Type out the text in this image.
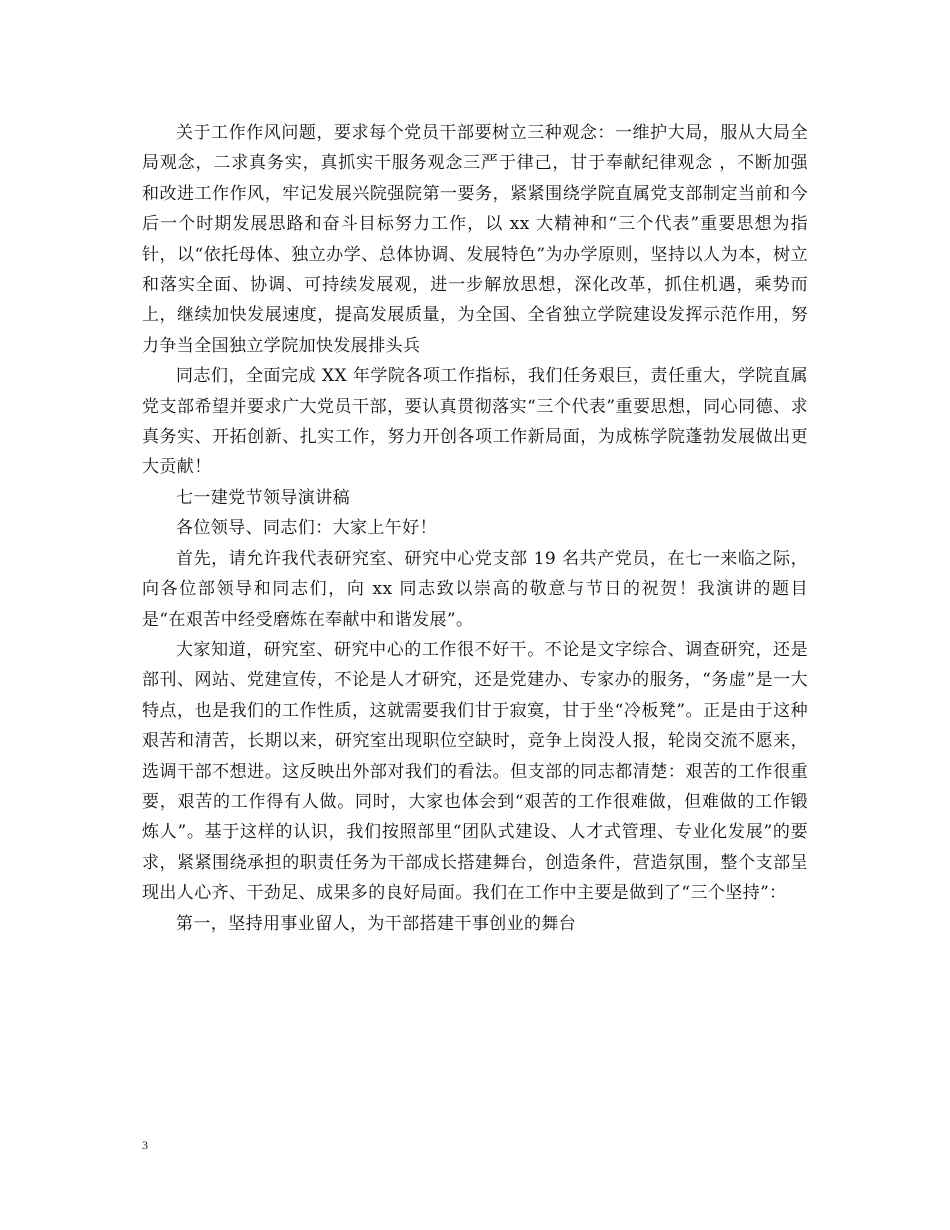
关于工作作风问题，要求每个党员干部要树立三种观念：一维护大局，服从大局全局观念，二求真务实，真抓实干服务观念三严于律己，甘于奉献纪律观念 ，不断加强和改进工作作风，牢记发展兴院强院第一要务，紧紧围绕学院直属党支部制定当前和今后一个时期发展思路和奋斗目标努力工作，以 xx 大精神和“三个代表”重要思想为指针，以“依托母体、独立办学、总体协调、发展特色”为办学原则，坚持以人为本，树立和落实全面、协调、可持续发展观，进一步解放思想，深化改革，抓住机遇，乘势而上，继续加快发展速度，提高发展质量，为全国、全省独立学院建设发挥示范作用，努力争当全国独立学院加快发展排头兵

同志们，全面完成 XX 年学院各项工作指标，我们任务艰巨，责任重大，学院直属党支部希望并要求广大党员干部，要认真贯彻落实“三个代表”重要思想，同心同德、求真务实、开拓创新、扎实工作，努力开创各项工作新局面，为成栋学院蓬勃发展做出更大贡献！

七一建党节领导演讲稿

各位领导、同志们：大家上午好！

首先，请允许我代表研究室、研究中心党支部 19 名共产党员，在七一来临之际，向各位部领导和同志们，向 xx 同志致以崇高的敬意与节日的祝贺！我演讲的题目是“在艰苦中经受磨炼在奉献中和谐发展”。

大家知道，研究室、研究中心的工作很不好干。不论是文字综合、调查研究，还是部刊、网站、党建宣传，不论是人才研究，还是党建办、专家办的服务，“务虚”是一大特点，也是我们的工作性质，这就需要我们甘于寂寞，甘于坐“冷板凳”。正是由于这种艰苦和清苦，长期以来，研究室出现职位空缺时，竞争上岗没人报，轮岗交流不愿来，选调干部不想进。这反映出外部对我们的看法。但支部的同志都清楚：艰苦的工作很重要，艰苦的工作得有人做。同时，大家也体会到“艰苦的工作很难做，但难做的工作锻炼人”。基于这样的认识，我们按照部里“团队式建设、人才式管理、专业化发展”的要求，紧紧围绕承担的职责任务为干部成长搭建舞台，创造条件，营造氛围，整个支部呈现出人心齐、干劲足、成果多的良好局面。我们在工作中主要是做到了“三个坚持”：

第一，坚持用事业留人，为干部搭建干事创业的舞台

3
